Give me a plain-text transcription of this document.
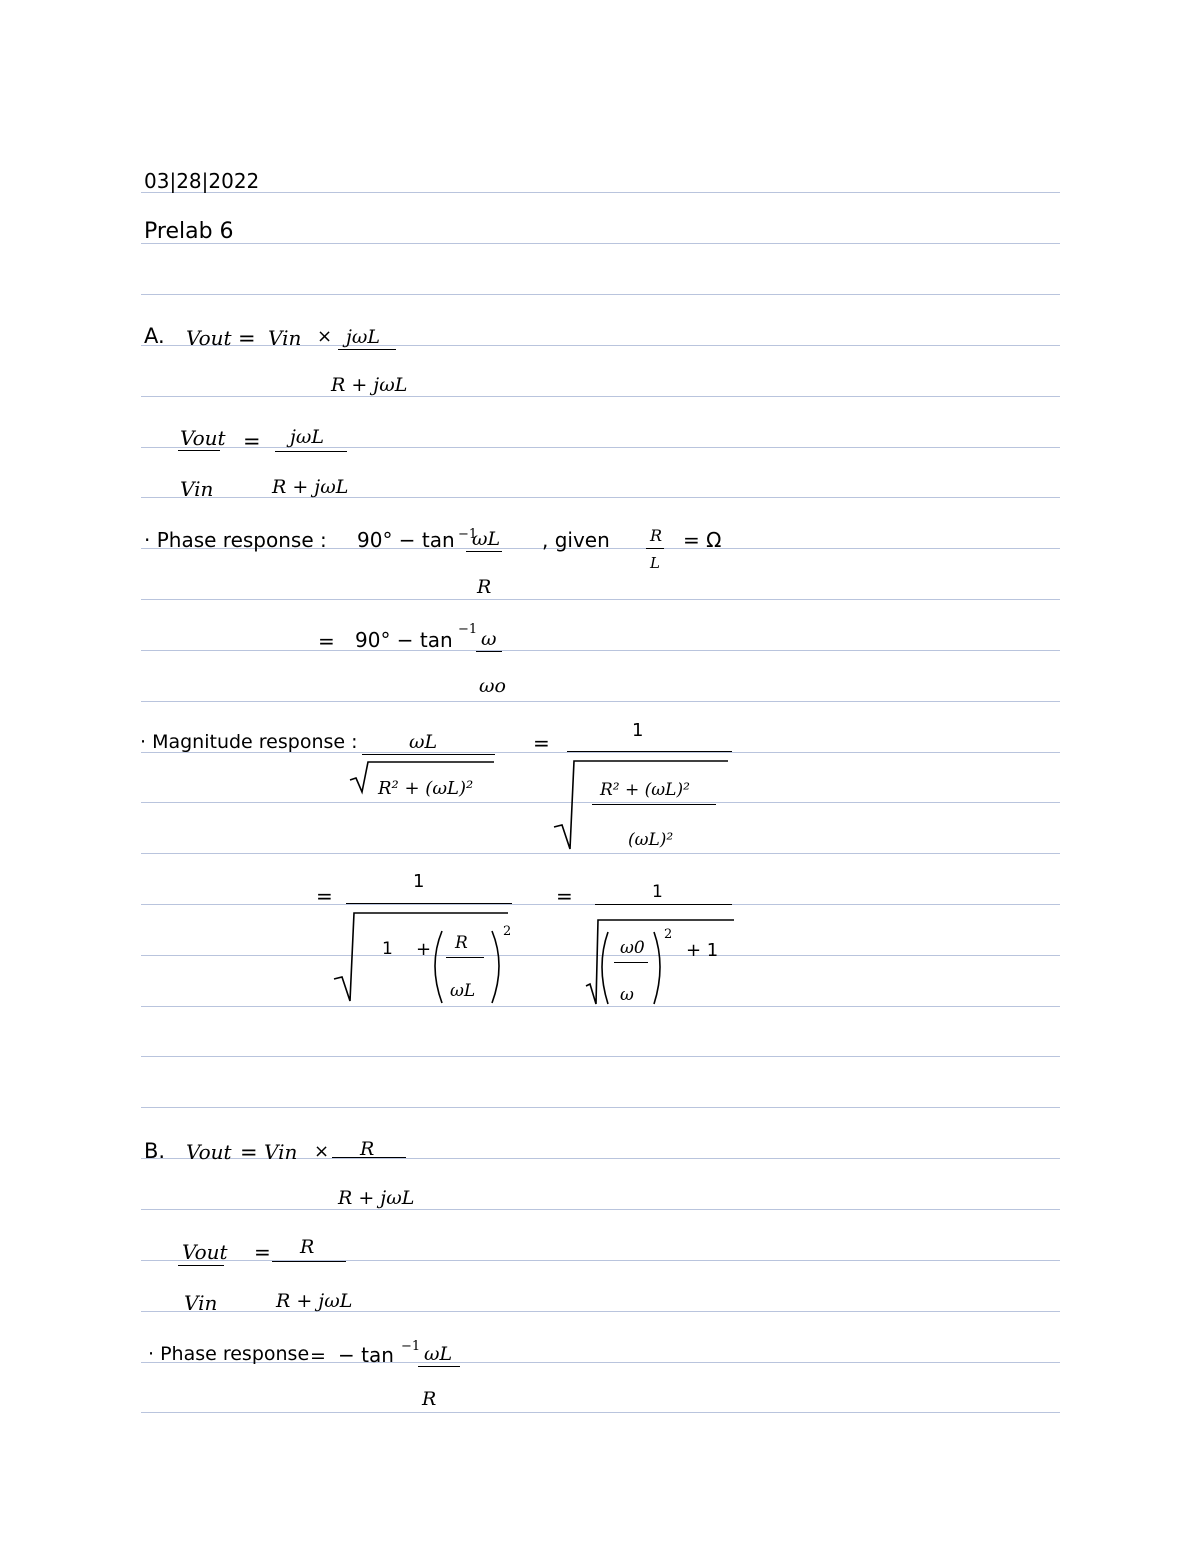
03|28|2022
Prelab 6
A. Vout = Vin × jωL
R + jωL
Vout
Vin
= jωL
R + jωL
· Phase response : 90° − tan −1
ωL
R
, given	R
L
= Ω
= 90° − tan −1 ω
ωo
· Magnitude response :	ωL
R² + (ωL)²
=
1
R² + (ωL)²
(ωL)²
=
1
1 + R
ωL
2
=	1
ω0
ω
2
+ 1
B. Vout = Vin × R
R + jωL
Vout
Vin
= R
R + jωL
· Phase response = − tan −1 ωL
R
